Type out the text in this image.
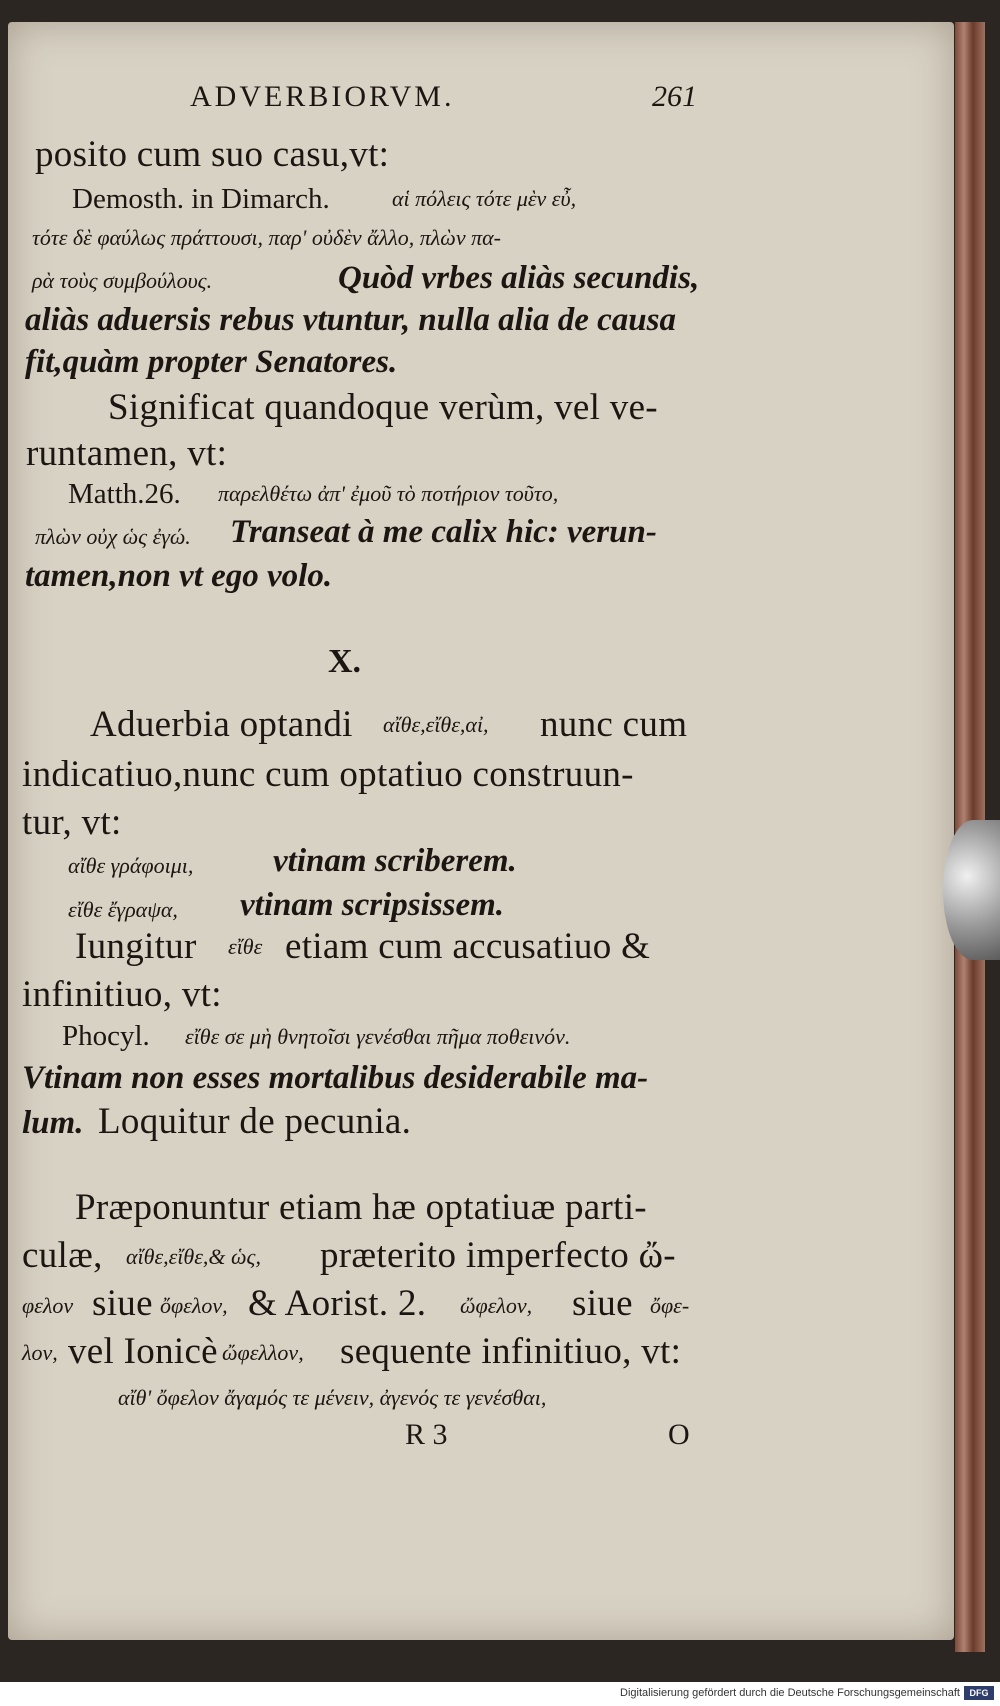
ADVERBIORVM.	261
posito cum suo casu,vt:
Demosth. in Dimarch.	αἱ πόλεις τότε μὲν εὖ,
τότε δὲ φαύλως πράττουσι, παρ' οὐδὲν ἄλλο, πλὼν πα-
ρὰ τοὺς συμβούλους.	Quòd vrbes aliàs secundis,
aliàs aduersis rebus vtuntur, nulla alia de causa
fit,quàm propter Senatores.
Significat quandoque verùm, vel ve-
runtamen, vt:
Matth.26. παρελθέτω ἀπ' ἐμοῦ τὸ ποτήριον τοῦτο,
πλὼν οὐχ ὡς ἐγώ. Transeat à me calix hic: verun-
tamen,non vt ego volo.
X.
Aduerbia optandi αἴθε,εἴθε,αἰ, nunc cum
indicatiuo,nunc cum optatiuo construun-
tur, vt:
αἴθε γράφοιμι, vtinam scriberem.
εἴθε ἔγραψα, vtinam scripsissem.
Iungitur εἴθε etiam cum accusatiuo &
infinitiuo, vt:
Phocyl. εἴθε σε μὴ θνητοῖσι γενέσθαι πῆμα ποθεινόν.
Vtinam non esses mortalibus desiderabile ma-
lum. Loquitur de pecunia.
Præponuntur etiam hæ optatiuæ parti-
culæ, αἴθε,εἴθε,& ὡς, præterito imperfecto ὤ-
φελον siue ὄφελον, & Aorist. 2. ὤφελον, siue ὄφε-
λον, vel Ionicè ὤφελλον, sequente infinitiuo, vt:
αἴθ' ὄφελον ἄγαμός τε μένειν, ἀγενός τε γενέσθαι,
R 3	O
Digitalisierung gefördert durch die Deutsche Forschungsgemeinschaft	DFG
